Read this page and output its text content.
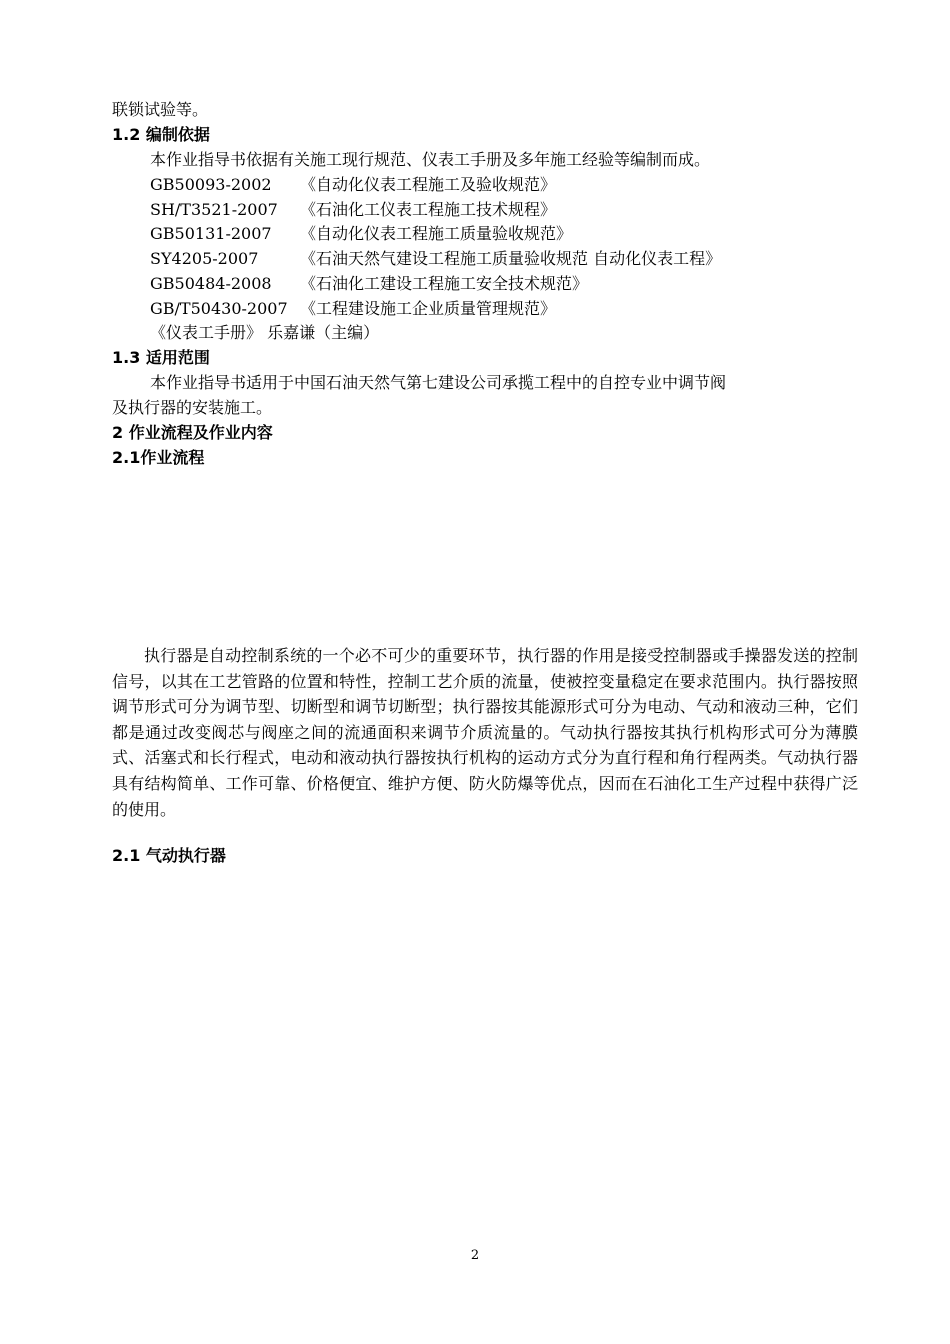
联锁试验等。
1.2 编制依据
本作业指导书依据有关施工现行规范、仪表工手册及多年施工经验等编制而成。
GB50093-2002 《自动化仪表工程施工及验收规范》
SH/T3521-2007 《石油化工仪表工程施工技术规程》
GB50131-2007 《自动化仪表工程施工质量验收规范》
SY4205-2007	《石油天然气建设工程施工质量验收规范 自动化仪表工程》
GB50484-2008 《石油化工建设工程施工安全技术规范》
GB/T50430-2007 《工程建设施工企业质量管理规范》
《仪表工手册》 乐嘉谦（主编）
1.3 适用范围
本作业指导书适用于中国石油天然气第七建设公司承揽工程中的自控专业中调节阀
及执行器的安装施工。
2 作业流程及作业内容
2.1作业流程
执行器是自动控制系统的一个必不可少的重要环节，执行器的作用是接受控制器或手操器发送的控制信号，以其在工艺管路的位置和特性，控制工艺介质的流量，使被控变量稳定在要求范围内。执行器按照调节形式可分为调节型、切断型和调节切断型；执行器按其能源形式可分为电动、气动和液动三种，它们都是通过改变阀芯与阀座之间的流通面积来调节介质流量的。气动执行器按其执行机构形式可分为薄膜式、活塞式和长行程式，电动和液动执行器按执行机构的运动方式分为直行程和角行程两类。气动执行器具有结构简单、工作可靠、价格便宜、维护方便、防火防爆等优点，因而在石油化工生产过程中获得广泛的使用。
2.1 气动执行器
2
